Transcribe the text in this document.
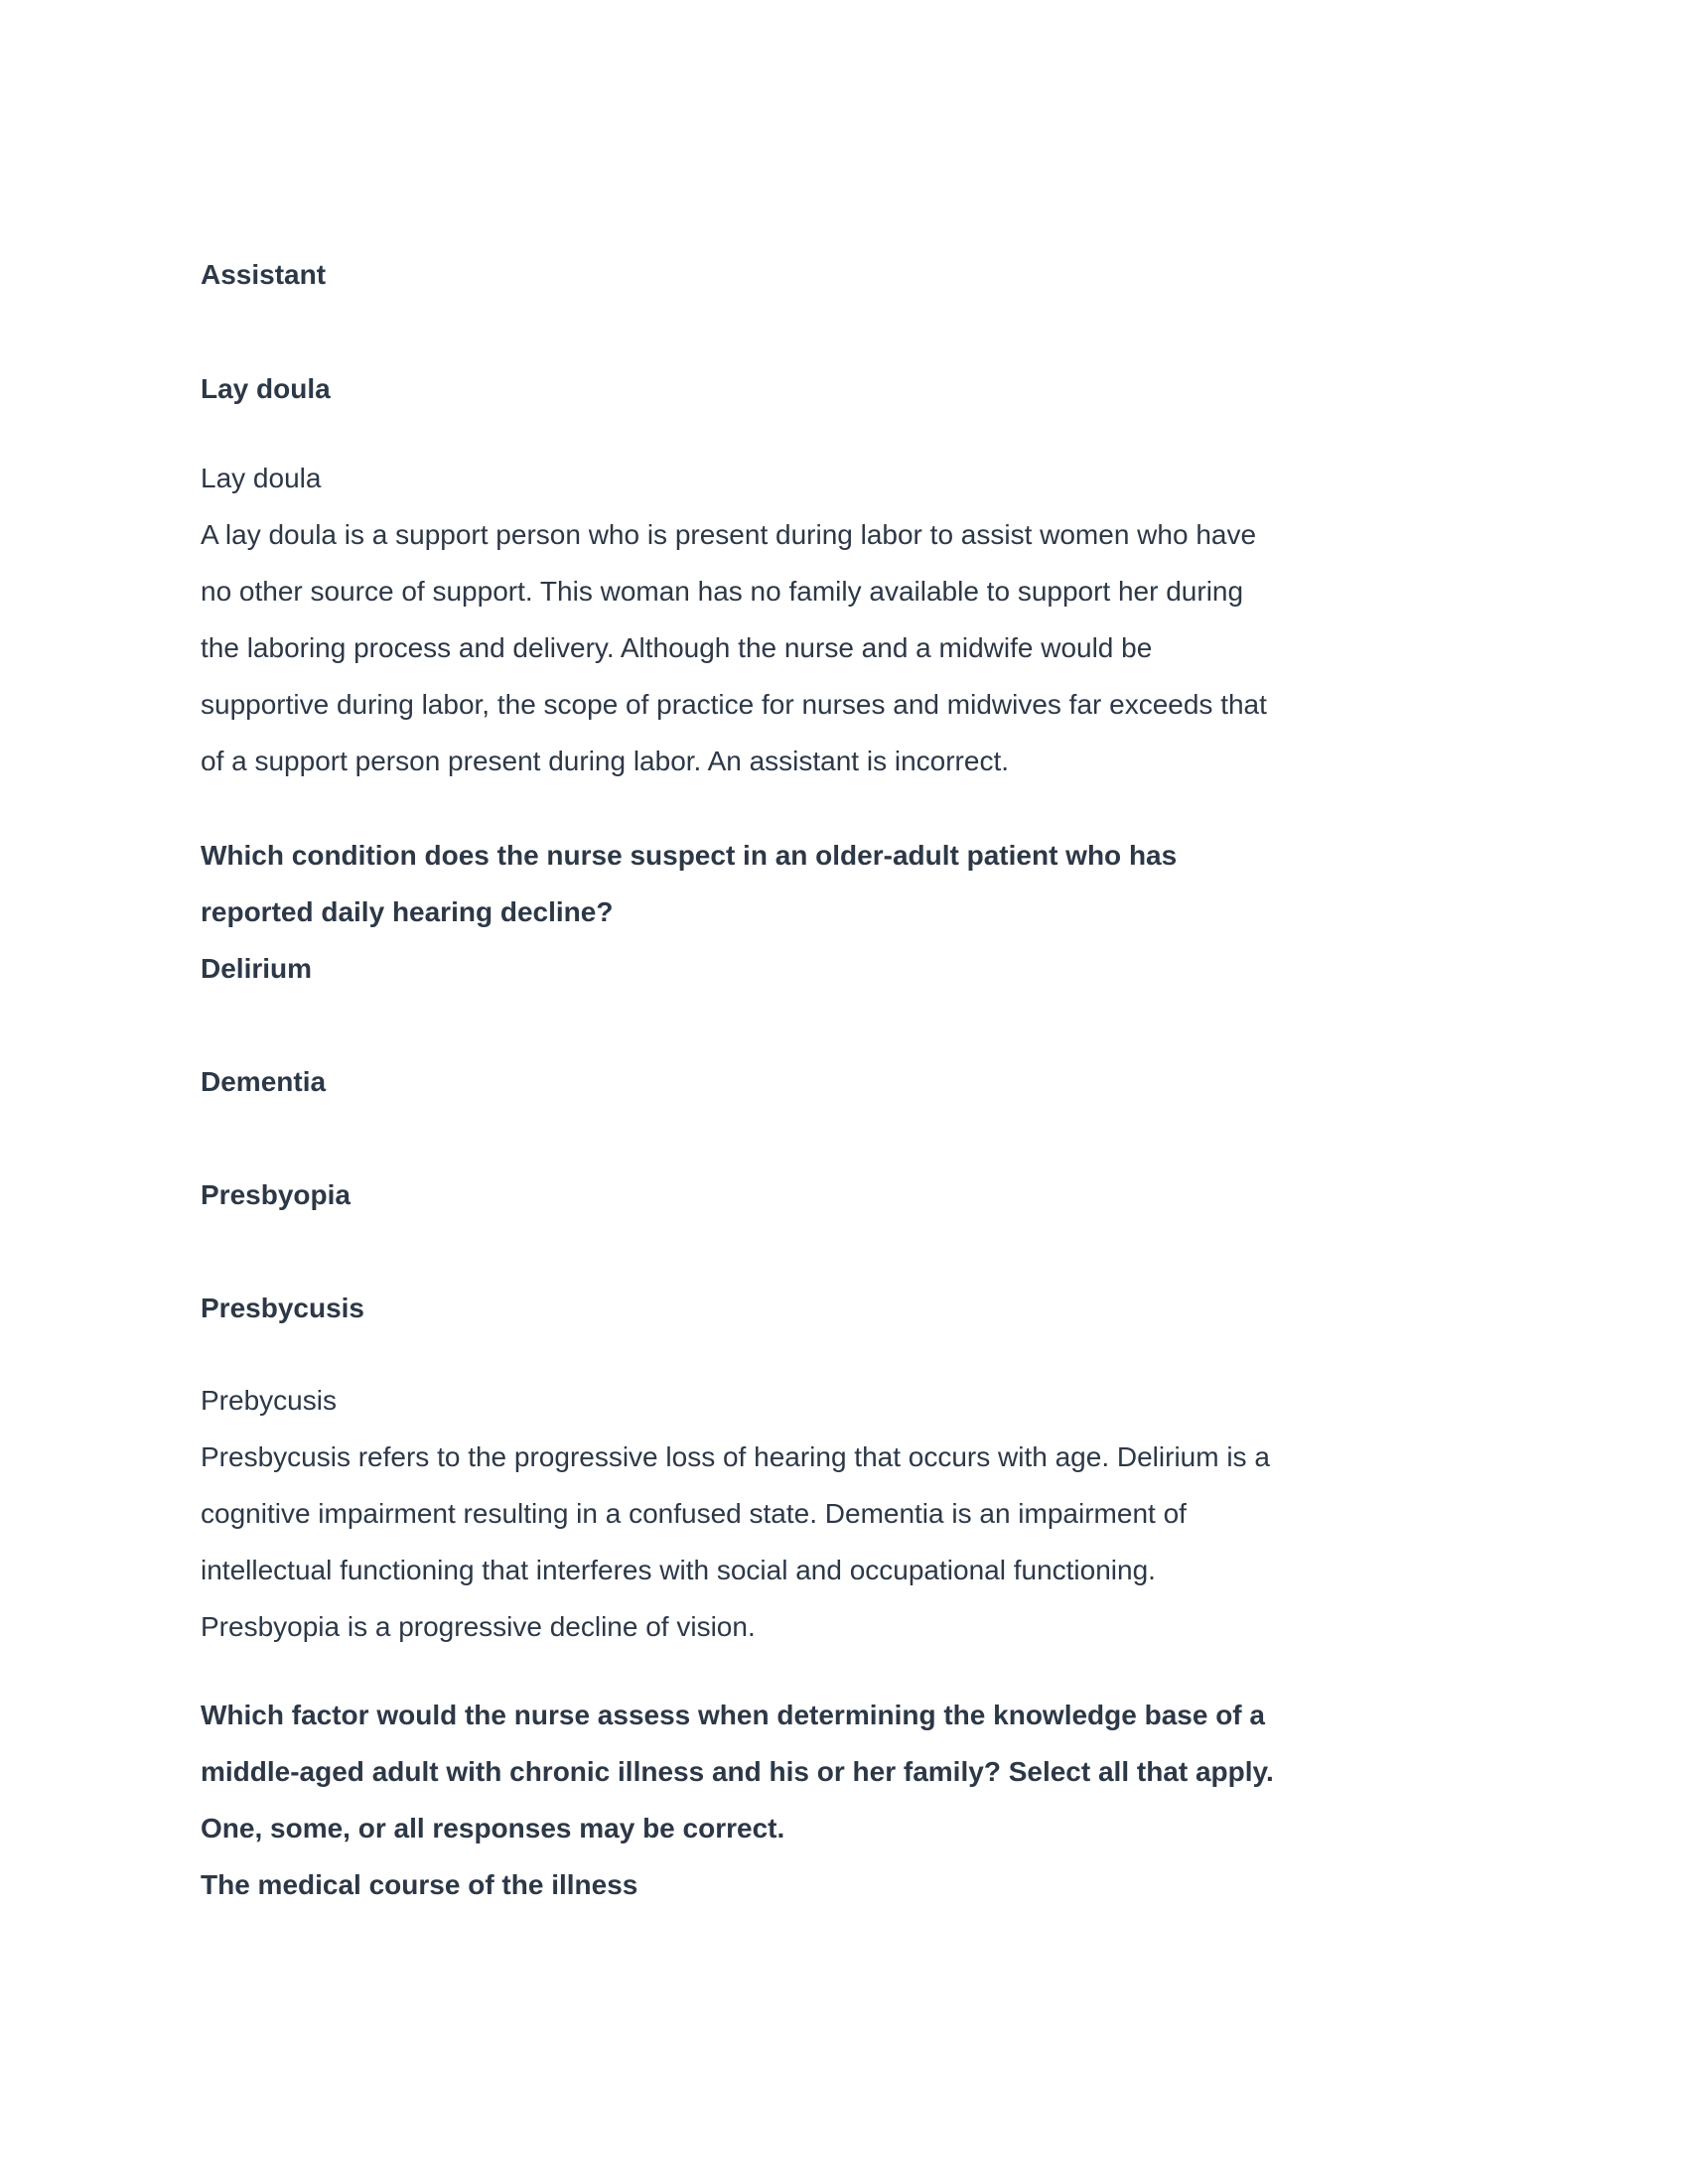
Assistant
Lay doula
Lay doula
A lay doula is a support person who is present during labor to assist women who have
no other source of support. This woman has no family available to support her during
the laboring process and delivery. Although the nurse and a midwife would be
supportive during labor, the scope of practice for nurses and midwives far exceeds that
of a support person present during labor. An assistant is incorrect.
Which condition does the nurse suspect in an older-adult patient who has
reported daily hearing decline?
Delirium
Dementia
Presbyopia
Presbycusis
Prebycusis
Presbycusis refers to the progressive loss of hearing that occurs with age. Delirium is a
cognitive impairment resulting in a confused state. Dementia is an impairment of
intellectual functioning that interferes with social and occupational functioning.
Presbyopia is a progressive decline of vision.
Which factor would the nurse assess when determining the knowledge base of a
middle-aged adult with chronic illness and his or her family? Select all that apply.
One, some, or all responses may be correct.
The medical course of the illness
